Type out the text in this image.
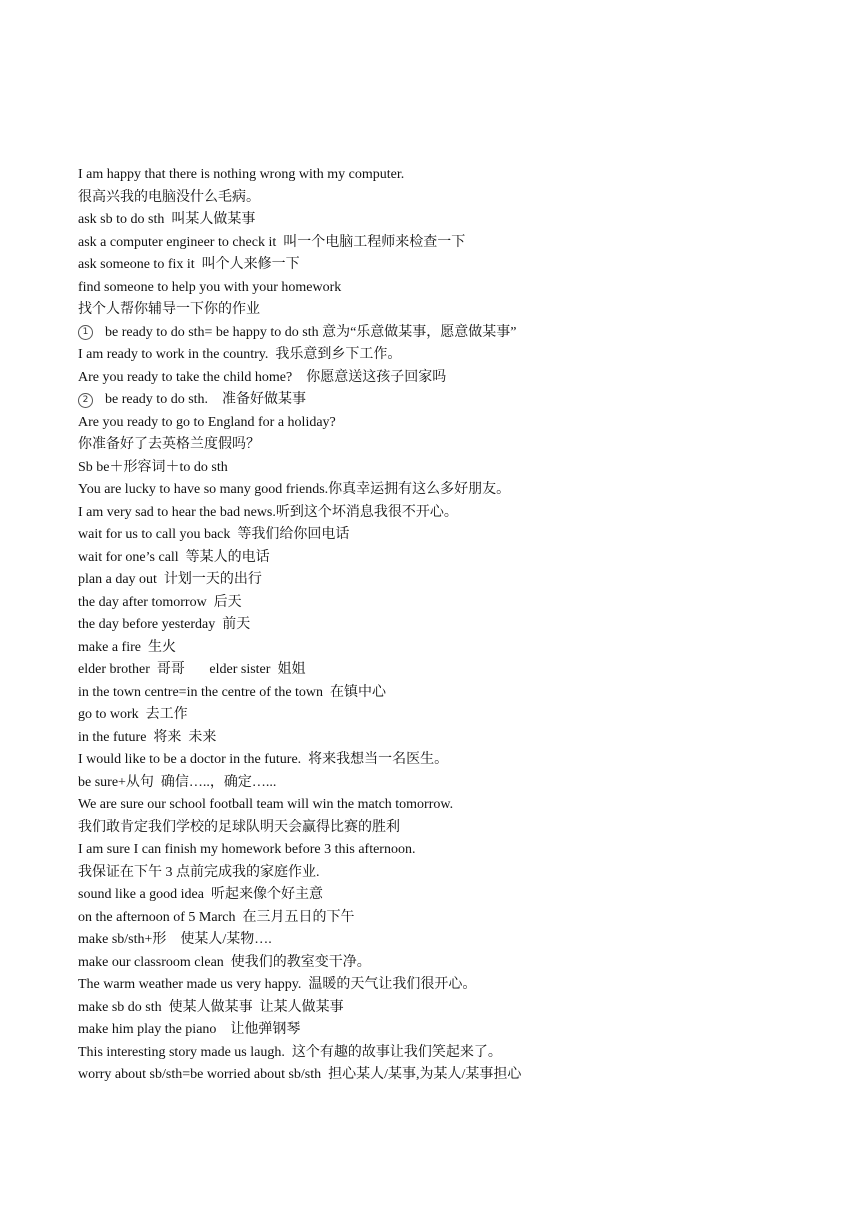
I am happy that there is nothing wrong with my computer.
很高兴我的电脑没什么毛病。
ask sb to do sth  叫某人做某事
ask a computer engineer to check it  叫一个电脑工程师来检查一下
ask someone to fix it  叫个人来修一下
find someone to help you with your homework
找个人帮你辅导一下你的作业
1	be ready to do sth= be happy to do sth 意为“乐意做某事，愿意做某事”
I am ready to work in the country.  我乐意到乡下工作。
Are you ready to take the child home?    你愿意送这孩子回家吗
2	be ready to do sth.    准备好做某事
Are you ready to go to England for a holiday?
你准备好了去英格兰度假吗？
Sb be＋形容词＋to do sth
You are lucky to have so many good friends.你真幸运拥有这么多好朋友。
I am very sad to hear the bad news.听到这个坏消息我很不开心。
wait for us to call you back  等我们给你回电话
wait for one’s call  等某人的电话
plan a day out  计划一天的出行
the day after tomorrow  后天
the day before yesterday  前天
make a fire  生火
elder brother  哥哥       elder sister  姐姐
in the town centre=in the centre of the town  在镇中心
go to work  去工作
in the future  将来  未来
I would like to be a doctor in the future.  将来我想当一名医生。
be sure+从句  确信…..，确定…...
We are sure our school football team will win the match tomorrow.
我们敢肯定我们学校的足球队明天会赢得比赛的胜利
I am sure I can finish my homework before 3 this afternoon.
我保证在下午 3 点前完成我的家庭作业.
sound like a good idea  听起来像个好主意
on the afternoon of 5 March  在三月五日的下午
make sb/sth+形    使某人/某物….
make our classroom clean  使我们的教室变干净。
The warm weather made us very happy.  温暖的天气让我们很开心。
make sb do sth  使某人做某事  让某人做某事
make him play the piano    让他弹钢琴
This interesting story made us laugh.  这个有趣的故事让我们笑起来了。
worry about sb/sth=be worried about sb/sth  担心某人/某事,为某人/某事担心
